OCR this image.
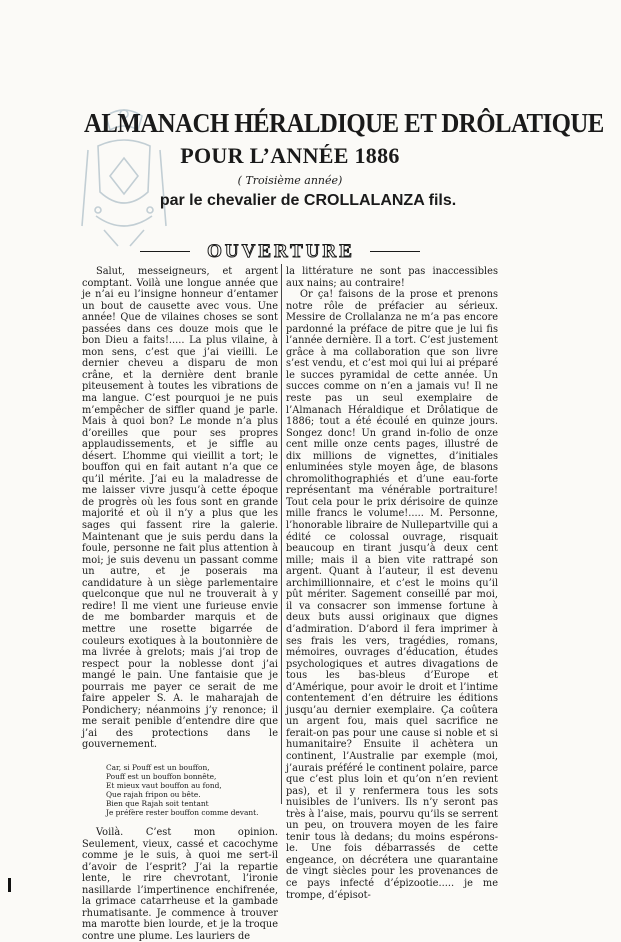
ALMANACH HÉRALDIQUE ET DRÔLATIQUE
POUR L’ANNÉE 1886
( Troisième année)
par le chevalier de CROLLALANZA fils.
OUVERTURE

Salut, messeigneurs, et argent comptant. Voilà une longue année que je n’ai eu l’insigne honneur d’entamer un bout de causette avec vous. Une année! Que de vilaines choses se sont passées dans ces douze mois que le bon Dieu a faits!..... La plus vilaine, à mon sens, c’est que j’ai vieilli. Le dernier cheveu a disparu de mon crâne, et la dernière dent branle piteusement à toutes les vibrations de ma langue. C’est pourquoi je ne puis m’empêcher de siffler quand je parle. Mais à quoi bon? Le monde n’a plus d’oreilles que pour ses propres applaudissements, et je siffle au désert. L’homme qui vieillit a tort; le bouffon qui en fait autant n’a que ce qu’il mérite. J’ai eu la maladresse de me laisser vivre jusqu’à cette époque de progrès où les fous sont en grande majorité et où il n’y a plus que les sages qui fassent rire la galerie. Maintenant que je suis perdu dans la foule, personne ne fait plus attention à moi; je suis devenu un passant comme un autre, et je poserais ma candidature à un siège parlementaire quelconque que nul ne trouverait à y redire! Il me vient une furieuse envie de me bombarder marquis et de mettre une rosette bigarrée de couleurs exotiques à la boutonnière de ma livrée à grelots; mais j’ai trop de respect pour la noblesse dont j’ai mangé le pain. Une fantaisie que je pourrais me payer ce serait de me faire appeler S. A. le maharajah de Pondichery; néanmoins j’y renonce; il me serait penible d’entendre dire que j’ai des protections dans le gouvernement.

Car, si Pouff est un bouffon,
Pouff est un bouffon bonnête,
Et mieux vaut bouffon au fond,
Que rajah fripon ou bête.
Bien que Rajah soit tentant
Je préfère rester bouffon comme devant.

Voilà. C’est mon opinion. Seulement, vieux, cassé et cacochyme comme je le suis, à quoi me sert-il d’avoir de l’esprit? J’ai la repartie lente, le rire chevrotant, l’ironie nasillarde l’impertinence enchifrenée, la grimace catarrheuse et la gambade rhumatisante. Je commence à trouver ma marotte bien lourde, et je la troque contre une plume. Les lauriers de

la littérature ne sont pas inaccessibles aux nains; au contraire!

Or ça! faisons de la prose et prenons notre rôle de préfacier au sérieux. Messire de Crollalanza ne m’a pas encore pardonné la préface de pitre que je lui fis l’année dernière. Il a tort. C’est justement grâce à ma collaboration que son livre s’est vendu, et c’est moi qui lui ai préparé le succes pyramidal de cette année. Un succes comme on n’en a jamais vu! Il ne reste pas un seul exemplaire de l’Almanach Héraldique et Drôlatique de 1886; tout a été écoulé en quinze jours. Songez donc! Un grand in-folio de onze cent mille onze cents pages, illustré de dix millions de vignettes, d’initiales enluminées style moyen âge, de blasons chromolithographiés et d’une eau-forte représentant ma vénérable portraiture! Tout cela pour le prix dérisoire de quinze mille francs le volume!..... M. Personne, l’honorable libraire de Nullepartville qui a édité ce colossal ouvrage, risquait beaucoup en tirant jusqu’à deux cent mille; mais il a bien vite rattrapé son argent. Quant à l’auteur, il est devenu archimillionnaire, et c’est le moins qu’il pût mériter. Sagement conseillé par moi, il va consacrer son immense fortune à deux buts aussi originaux que dignes d’admiration. D’abord il fera imprimer à ses frais les vers, tragédies, romans, mémoires, ouvrages d’éducation, études psychologiques et autres divagations de tous les bas-bleus d’Europe et d’Amérique, pour avoir le droit et l’intime contentement d’en détruire les éditions jusqu’au dernier exemplaire. Ça coûtera un argent fou, mais quel sacrifice ne ferait-on pas pour une cause si noble et si humanitaire? Ensuite il achètera un continent, l’Australie par exemple (moi, j’aurais préféré le continent polaire, parce que c’est plus loin et qu’on n’en revient pas), et il y renfermera tous les sots nuisibles de l’univers. Ils n’y seront pas très à l’aise, mais, pourvu qu’ils se serrent un peu, on trouvera moyen de les faire tenir tous là dedans; du moins espérons-le. Une fois débarrassés de cette engeance, on décrétera une quarantaine de vingt siècles pour les provenances de ce pays infecté d’épizootie..... je me trompe, d’épisot-
